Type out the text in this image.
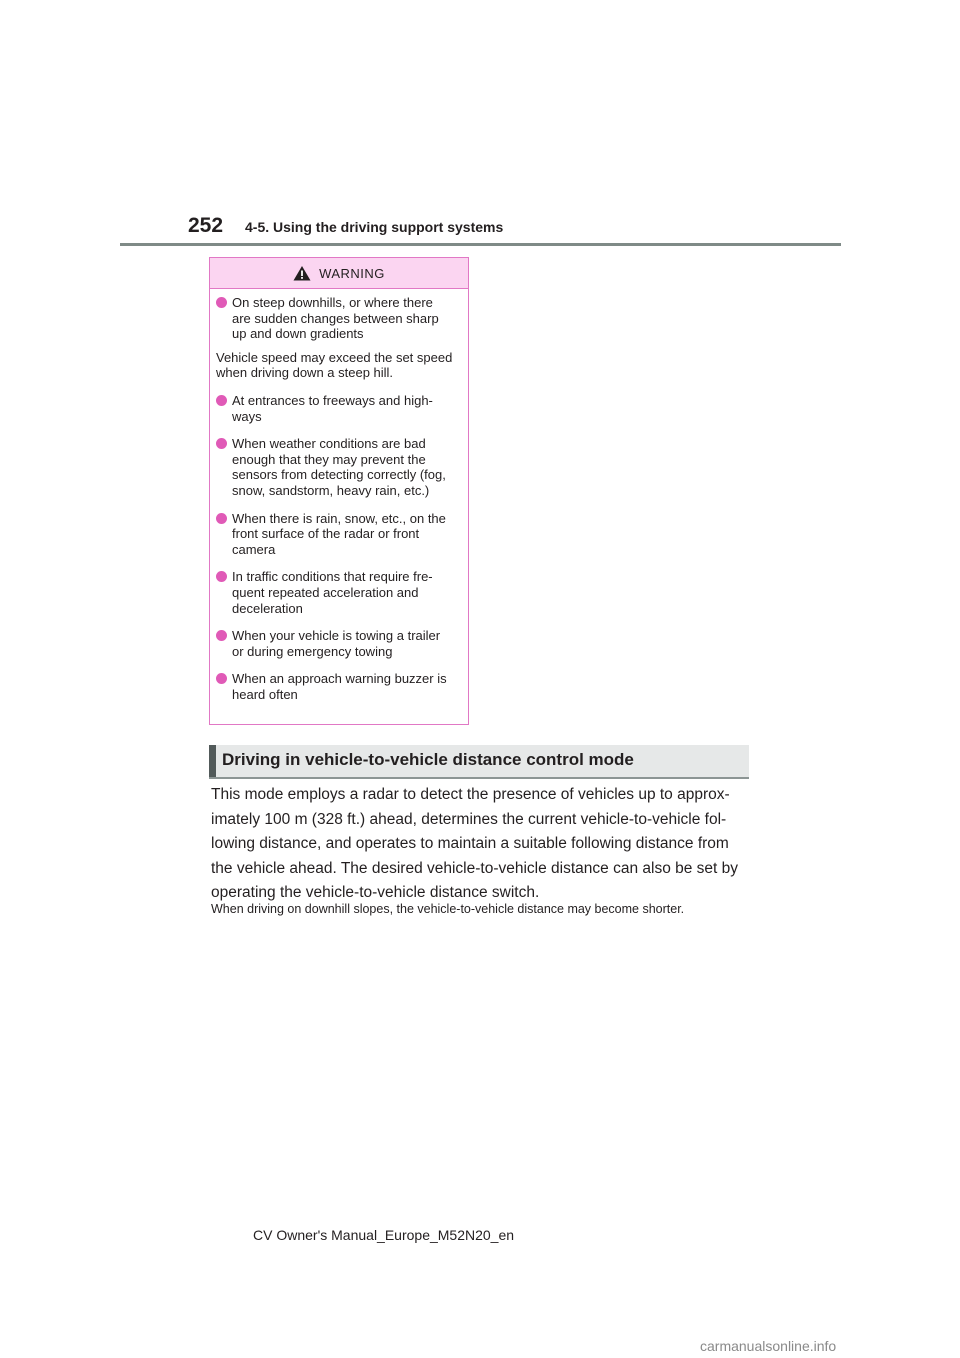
252 4-5. Using the driving support systems
WARNING
On steep downhills, or where there are sudden changes between sharp up and down gradients
Vehicle speed may exceed the set speed when driving down a steep hill.
At entrances to freeways and high-ways
When weather conditions are bad enough that they may prevent the sensors from detecting correctly (fog, snow, sandstorm, heavy rain, etc.)
When there is rain, snow, etc., on the front surface of the radar or front camera
In traffic conditions that require fre-quent repeated acceleration and deceleration
When your vehicle is towing a trailer or during emergency towing
When an approach warning buzzer is heard often
Driving in vehicle-to-vehicle distance control mode

This mode employs a radar to detect the presence of vehicles up to approx-imately 100 m (328 ft.) ahead, determines the current vehicle-to-vehicle fol-lowing distance, and operates to maintain a suitable following distance from the vehicle ahead. The desired vehicle-to-vehicle distance can also be set by operating the vehicle-to-vehicle distance switch.

When driving on downhill slopes, the vehicle-to-vehicle distance may become shorter.

CV Owner's Manual_Europe_M52N20_en
carmanualsonline.info
